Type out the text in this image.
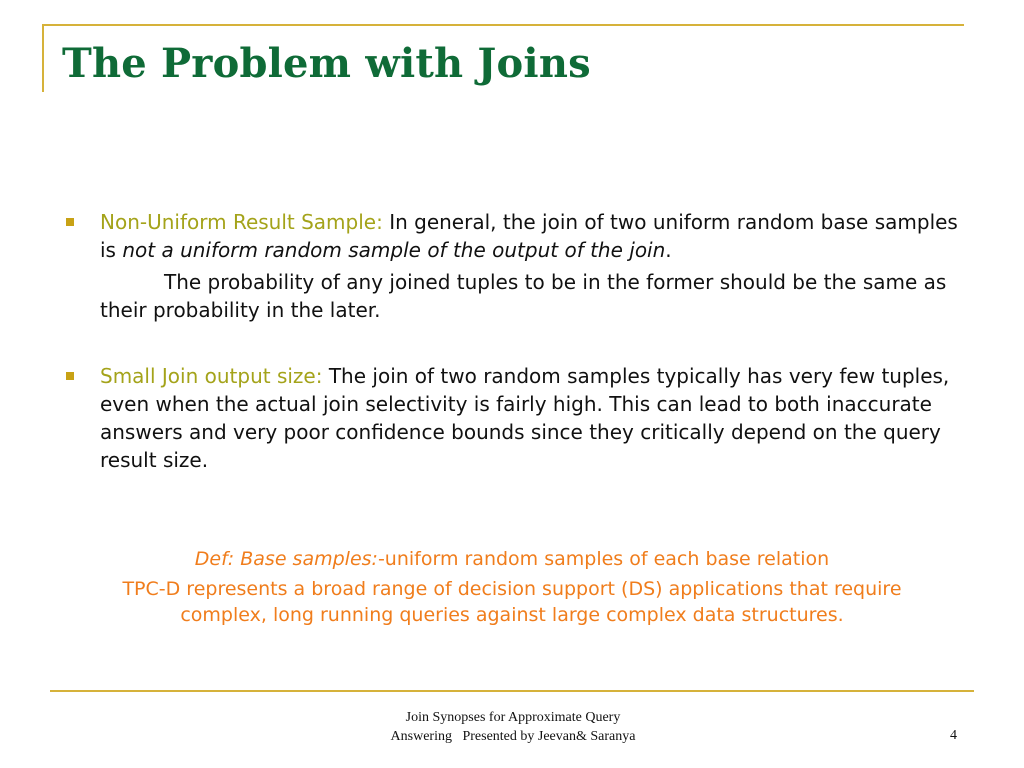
The Problem with Joins
Non-Uniform Result Sample: In general, the join of two uniform random base samples is not a uniform random sample of the output of the join.
The probability of any joined tuples to be in the former should be the same as their probability in the later.
Small Join output size: The join of two random samples typically has very few tuples, even when the actual join selectivity is fairly high. This can lead to both inaccurate answers and very poor confidence bounds since they critically depend on the query result size.
Def: Base samples:-uniform random samples of each base relation
TPC-D represents a broad range of decision support (DS) applications that require complex, long running queries against large complex data structures.
Join Synopses for Approximate Query
Answering   Presented by Jeevan& Saranya	4
